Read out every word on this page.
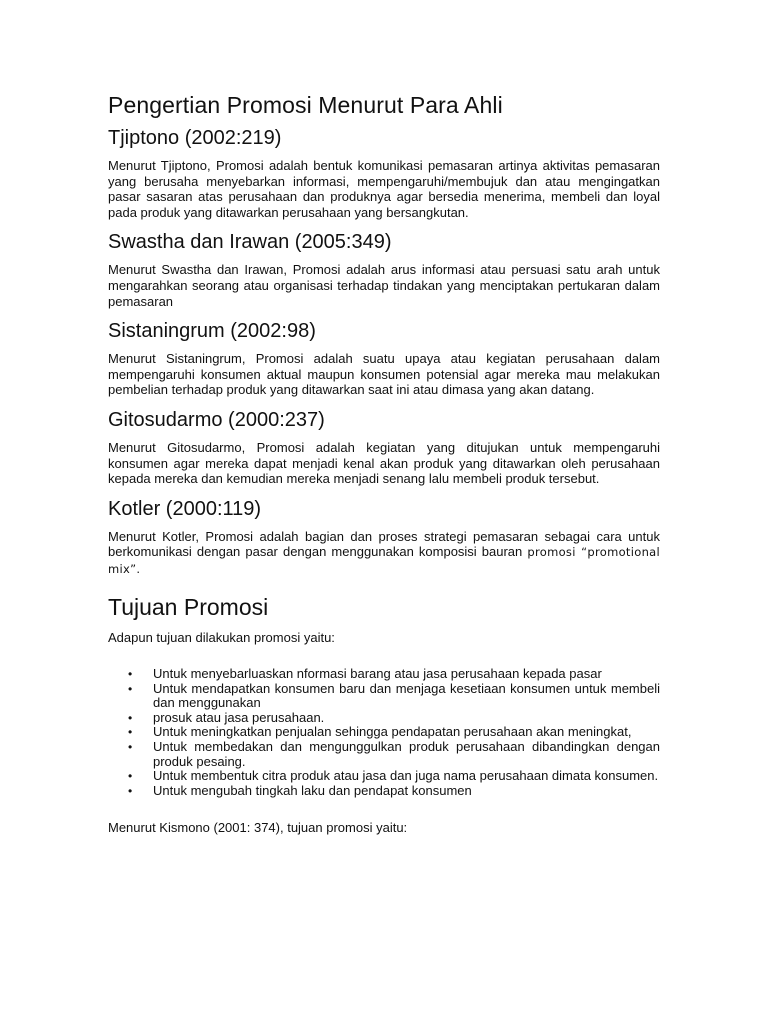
Pengertian Promosi Menurut Para Ahli
Tjiptono (2002:219)

Menurut Tjiptono, Promosi adalah bentuk komunikasi pemasaran artinya aktivitas pemasaran yang berusaha menyebarkan informasi, mempengaruhi/membujuk dan atau mengingatkan pasar sasaran atas perusahaan dan produknya agar bersedia menerima, membeli dan loyal pada produk yang ditawarkan perusahaan yang bersangkutan.

Swastha dan Irawan (2005:349)

Menurut Swastha dan Irawan, Promosi adalah arus informasi atau persuasi satu arah untuk mengarahkan seorang atau organisasi terhadap tindakan yang menciptakan pertukaran dalam pemasaran

Sistaningrum (2002:98)

Menurut Sistaningrum, Promosi adalah suatu upaya atau kegiatan perusahaan dalam mempengaruhi konsumen aktual maupun konsumen potensial agar mereka mau melakukan pembelian terhadap produk yang ditawarkan saat ini atau dimasa yang akan datang.

Gitosudarmo (2000:237)

Menurut Gitosudarmo, Promosi adalah kegiatan yang ditujukan untuk mempengaruhi konsumen agar mereka dapat menjadi kenal akan produk yang ditawarkan oleh perusahaan kepada mereka dan kemudian mereka menjadi senang lalu membeli produk tersebut.

Kotler (2000:119)

Menurut Kotler, Promosi adalah bagian dan proses strategi pemasaran sebagai cara untuk berkomunikasi dengan pasar dengan menggunakan komposisi bauran promosi “promotional mix”.

Tujuan Promosi

Adapun tujuan dilakukan promosi yaitu:

• Untuk menyebarluaskan nformasi barang atau jasa perusahaan kepada pasar
• Untuk mendapatkan konsumen baru dan menjaga kesetiaan konsumen untuk membeli dan menggunakan
• prosuk atau jasa perusahaan.
• Untuk meningkatkan penjualan sehingga pendapatan perusahaan akan meningkat,
• Untuk membedakan dan mengunggulkan produk perusahaan dibandingkan dengan produk pesaing.
• Untuk membentuk citra produk atau jasa dan juga nama perusahaan dimata konsumen.
• Untuk mengubah tingkah laku dan pendapat konsumen

Menurut Kismono (2001: 374), tujuan promosi yaitu:
